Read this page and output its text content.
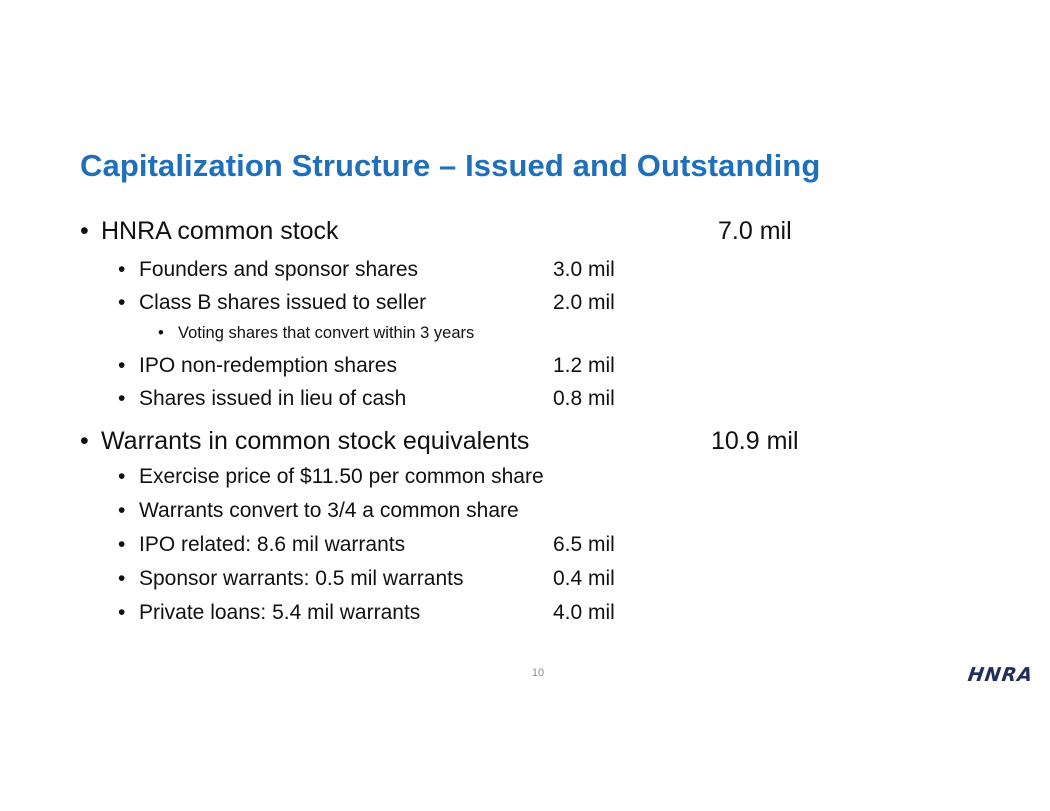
Capitalization Structure – Issued and Outstanding
• HNRA common stock	7.0 mil
• Founders and sponsor shares	3.0 mil
• Class B shares issued to seller	2.0 mil
• Voting shares that convert within 3 years
• IPO non-redemption shares	1.2 mil
• Shares issued in lieu of cash	0.8 mil
• Warrants in common stock equivalents	10.9 mil
• Exercise price of $11.50 per common share
• Warrants convert to 3/4 a common share
• IPO related: 8.6 mil warrants	6.5 mil
• Sponsor warrants: 0.5 mil warrants	0.4 mil
• Private loans: 5.4 mil warrants	4.0 mil
10	HNRA
